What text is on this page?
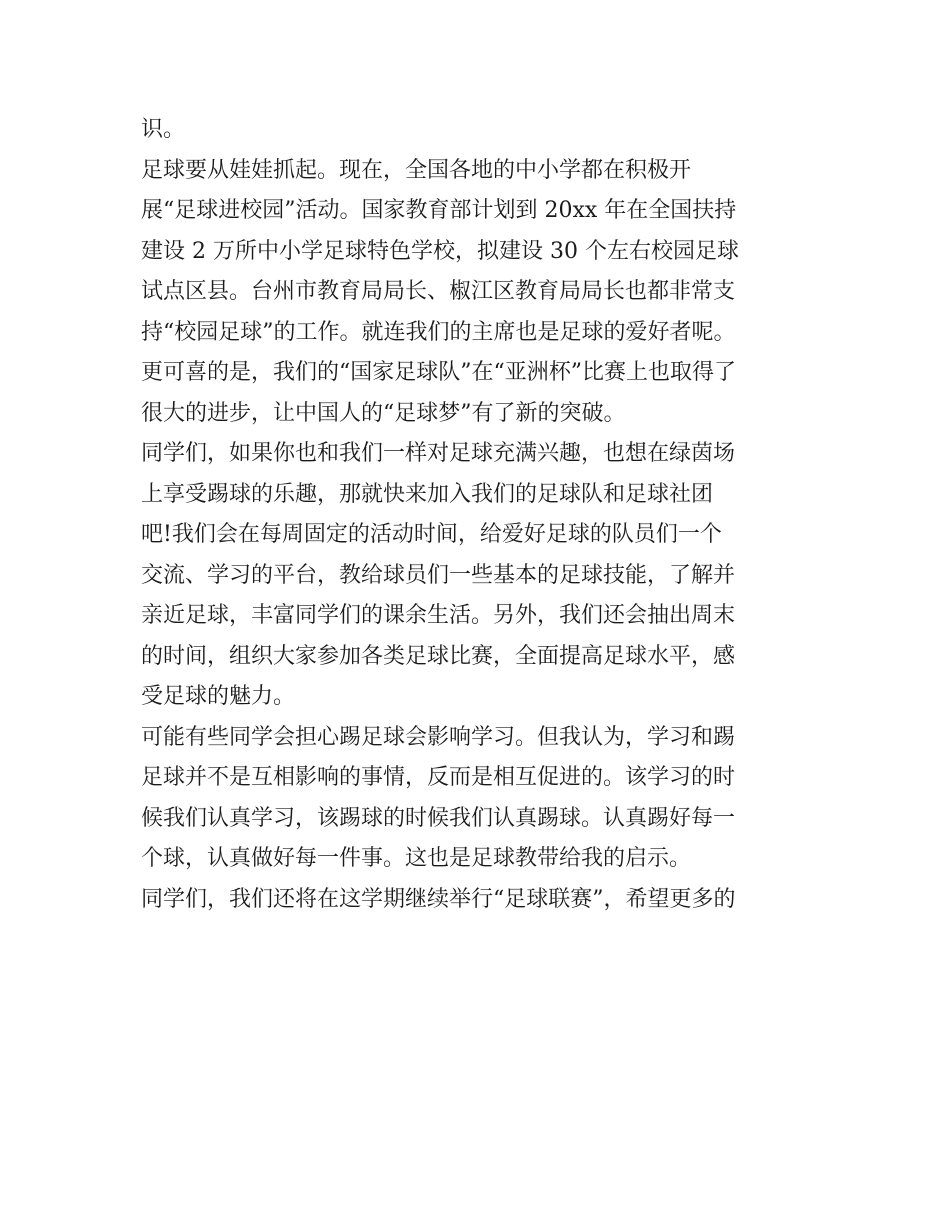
识。
足球要从娃娃抓起。现在，全国各地的中小学都在积极开
展“足球进校园”活动。国家教育部计划到 20xx 年在全国扶持
建设 2 万所中小学足球特色学校，拟建设 30 个左右校园足球
试点区县。台州市教育局局长、椒江区教育局局长也都非常支
持“校园足球”的工作。就连我们的主席也是足球的爱好者呢。
更可喜的是，我们的“国家足球队”在“亚洲杯”比赛上也取得了
很大的进步，让中国人的“足球梦”有了新的突破。
同学们，如果你也和我们一样对足球充满兴趣，也想在绿茵场
上享受踢球的乐趣，那就快来加入我们的足球队和足球社团
吧!我们会在每周固定的活动时间，给爱好足球的队员们一个
交流、学习的平台，教给球员们一些基本的足球技能，了解并
亲近足球，丰富同学们的课余生活。另外，我们还会抽出周末
的时间，组织大家参加各类足球比赛，全面提高足球水平，感
受足球的魅力。
可能有些同学会担心踢足球会影响学习。但我认为，学习和踢
足球并不是互相影响的事情，反而是相互促进的。该学习的时
候我们认真学习，该踢球的时候我们认真踢球。认真踢好每一
个球，认真做好每一件事。这也是足球教带给我的启示。
同学们，我们还将在这学期继续举行“足球联赛”，希望更多的
